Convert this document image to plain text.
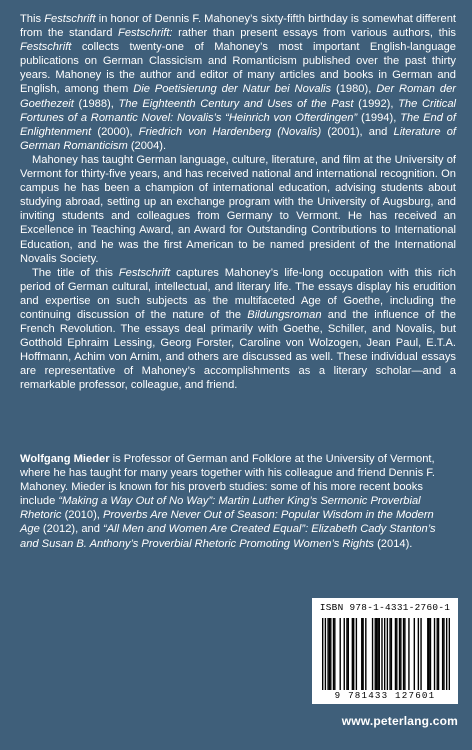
This Festschrift in honor of Dennis F. Mahoney’s sixty-fifth birthday is somewhat different from the standard Festschrift: rather than present essays from various authors, this Festschrift collects twenty-one of Mahoney’s most important English-language publications on German Classicism and Romanticism published over the past thirty years. Mahoney is the author and editor of many articles and books in German and English, among them Die Poetisierung der Natur bei Novalis (1980), Der Roman der Goethezeit (1988), The Eighteenth Century and Uses of the Past (1992), The Critical Fortunes of a Romantic Novel: Novalis’s “Heinrich von Ofterdingen” (1994), The End of Enlightenment (2000), Friedrich von Hardenberg (Novalis) (2001), and Literature of German Romanticism (2004).

Mahoney has taught German language, culture, literature, and film at the University of Vermont for thirty-five years, and has received national and international recognition. On campus he has been a champion of international education, advising students about studying abroad, setting up an exchange program with the University of Augsburg, and inviting students and colleagues from Germany to Vermont. He has received an Excellence in Teaching Award, an Award for Outstanding Contributions to International Education, and he was the first American to be named president of the International Novalis Society.

The title of this Festschrift captures Mahoney’s life-long occupation with this rich period of German cultural, intellectual, and literary life. The essays display his erudition and expertise on such subjects as the multifaceted Age of Goethe, including the continuing discussion of the nature of the Bildungsroman and the influence of the French Revolution. The essays deal primarily with Goethe, Schiller, and Novalis, but Gotthold Ephraim Lessing, Georg Forster, Caroline von Wolzogen, Jean Paul, E.T.A. Hoffmann, Achim von Arnim, and others are discussed as well. These individual essays are representative of Mahoney’s accomplishments as a literary scholar—and a remarkable professor, colleague, and friend.

Wolfgang Mieder is Professor of German and Folklore at the University of Vermont, where he has taught for many years together with his colleague and friend Dennis F. Mahoney. Mieder is known for his proverb studies: some of his more recent books include “Making a Way Out of No Way”: Martin Luther King’s Sermonic Proverbial Rhetoric (2010), Proverbs Are Never Out of Season: Popular Wisdom in the Modern Age (2012), and “All Men and Women Are Created Equal”: Elizabeth Cady Stanton’s and Susan B. Anthony’s Proverbial Rhetoric Promoting Women’s Rights (2014).

ISBN 978-1-4331-2760-1
9 781433 127601
www.peterlang.com
